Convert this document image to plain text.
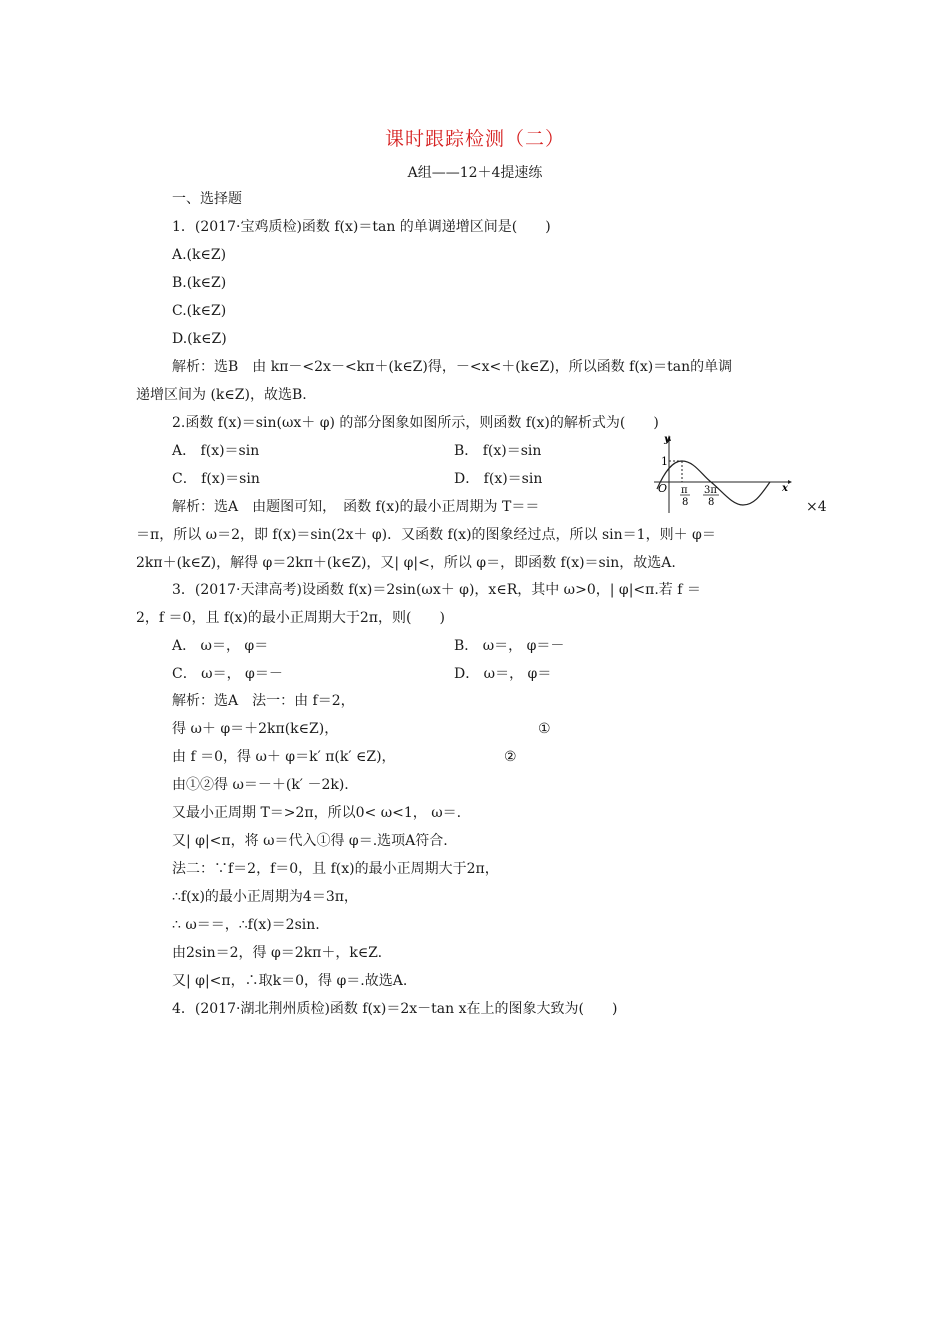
课时跟踪检测（二）
A组——12＋4提速练
一、选择题
1．(2017·宝鸡质检)函数 f(x)＝tan 的单调递增区间是(　　)
A.(k∈Z)
B.(k∈Z)
C.(k∈Z)
D.(k∈Z)
解析：选B　由 kπ－<2x－<kπ＋(k∈Z)得，－<x<＋(k∈Z)，所以函数 f(x)＝tan的单调
递增区间为 (k∈Z)，故选B.
2.函数 f(x)＝sin(ωx＋ φ) 的部分图象如图所示，则函数 f(x)的解析式为(　　)
A． f(x)＝sin	B． f(x)＝sin
C． f(x)＝sin	D． f(x)＝sin
解析：选A　由题图可知，　函数 f(x)的最小正周期为 T＝＝	×4
＝π，所以 ω＝2，即 f(x)＝sin(2x＋ φ)．又函数 f(x)的图象经过点，所以 sin＝1，则＋ φ＝
2kπ＋(k∈Z)，解得 φ＝2kπ＋(k∈Z)，又| φ|<，所以 φ＝，即函数 f(x)＝sin，故选A.
y
x
O
1
π
8
3π
8
3．(2017·天津高考)设函数 f(x)＝2sin(ωx＋ φ)，x∈R，其中 ω>0，| φ|<π.若 f ＝
2，f ＝0，且 f(x)的最小正周期大于2π，则(　　)
A． ω＝， φ＝	B． ω＝， φ＝－
C． ω＝， φ＝－	D． ω＝， φ＝
解析：选A　法一：由 f＝2，
得 ω＋ φ＝＋2kπ(k∈Z)，	①
由 f ＝0，得 ω＋ φ＝k′ π(k′ ∈Z)，	②
由①②得 ω＝－＋(k′ －2k).
又最小正周期 T＝>2π，所以0< ω<1， ω＝.
又| φ|<π，将 ω＝代入①得 φ＝.选项A符合.
法二：∵f＝2，f＝0，且 f(x)的最小正周期大于2π，
∴f(x)的最小正周期为4＝3π，
∴ ω＝＝，∴f(x)＝2sin.
由2sin＝2，得 φ＝2kπ＋，k∈Z.
又| φ|<π，∴取k＝0，得 φ＝.故选A.
4．(2017·湖北荆州质检)函数 f(x)＝2x－tan x在上的图象大致为(　　)
